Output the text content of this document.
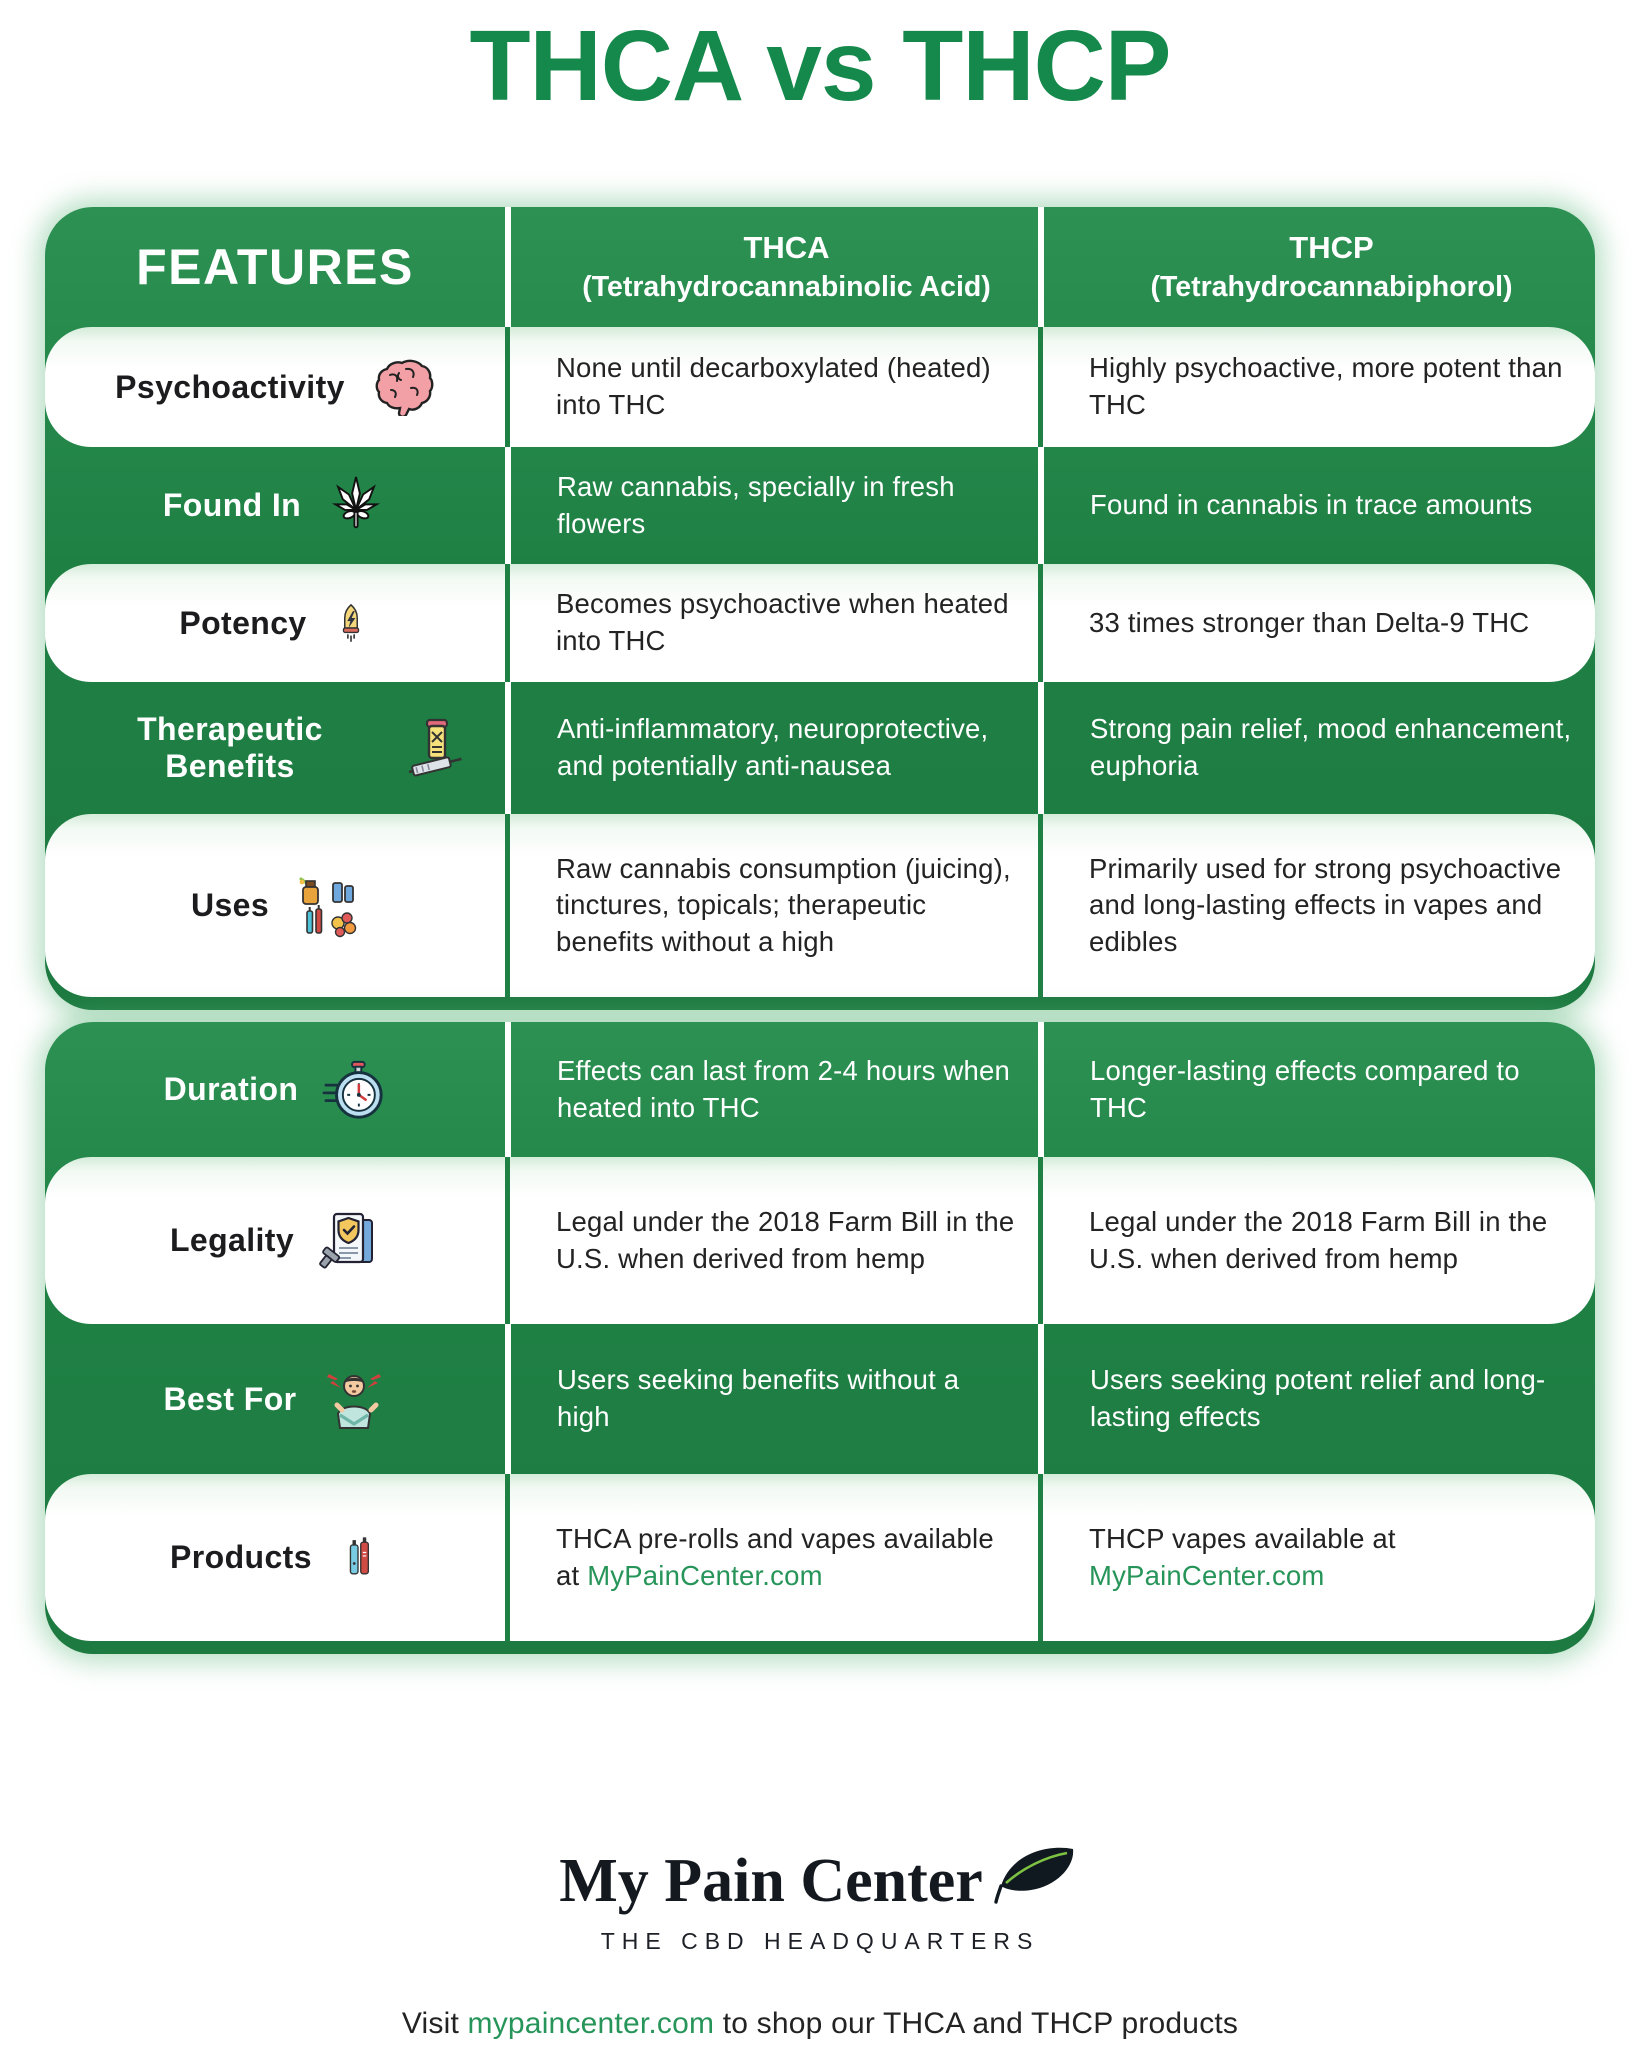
THCA vs THCP
FEATURES	THCA
(Tetrahydrocannabinolic Acid)
THCP
(Tetrahydrocannabiphorol)
Psychoactivity
None until decarboxylated (heated) into THC
Highly psychoactive, more potent than THC
Found In
Raw cannabis, specially in fresh flowers
Found in cannabis in trace amounts
Potency
Becomes psychoactive when heated into THC
33 times stronger than Delta-9 THC
Therapeutic Benefits
Anti-inflammatory, neuroprotective, and potentially anti-nausea
Strong pain relief, mood enhancement, euphoria
Uses
Raw cannabis consumption (juicing), tinctures, topicals; therapeutic benefits without a high
Primarily used for strong psychoactive and long-lasting effects in vapes and edibles
Duration
Effects can last from 2-4 hours when heated into THC
Longer-lasting effects compared to THC
Legality
Legal under the 2018 Farm Bill in the U.S. when derived from hemp
Legal under the 2018 Farm Bill in the U.S. when derived from hemp
Best For
Users seeking benefits without a high
Users seeking potent relief and long- lasting effects
Products
THCA pre-rolls and vapes available at MyPainCenter.com
THCP vapes available at MyPainCenter.com
My Pain Center
THE CBD HEADQUARTERS
Visit mypaincenter.com to shop our THCA and THCP products
